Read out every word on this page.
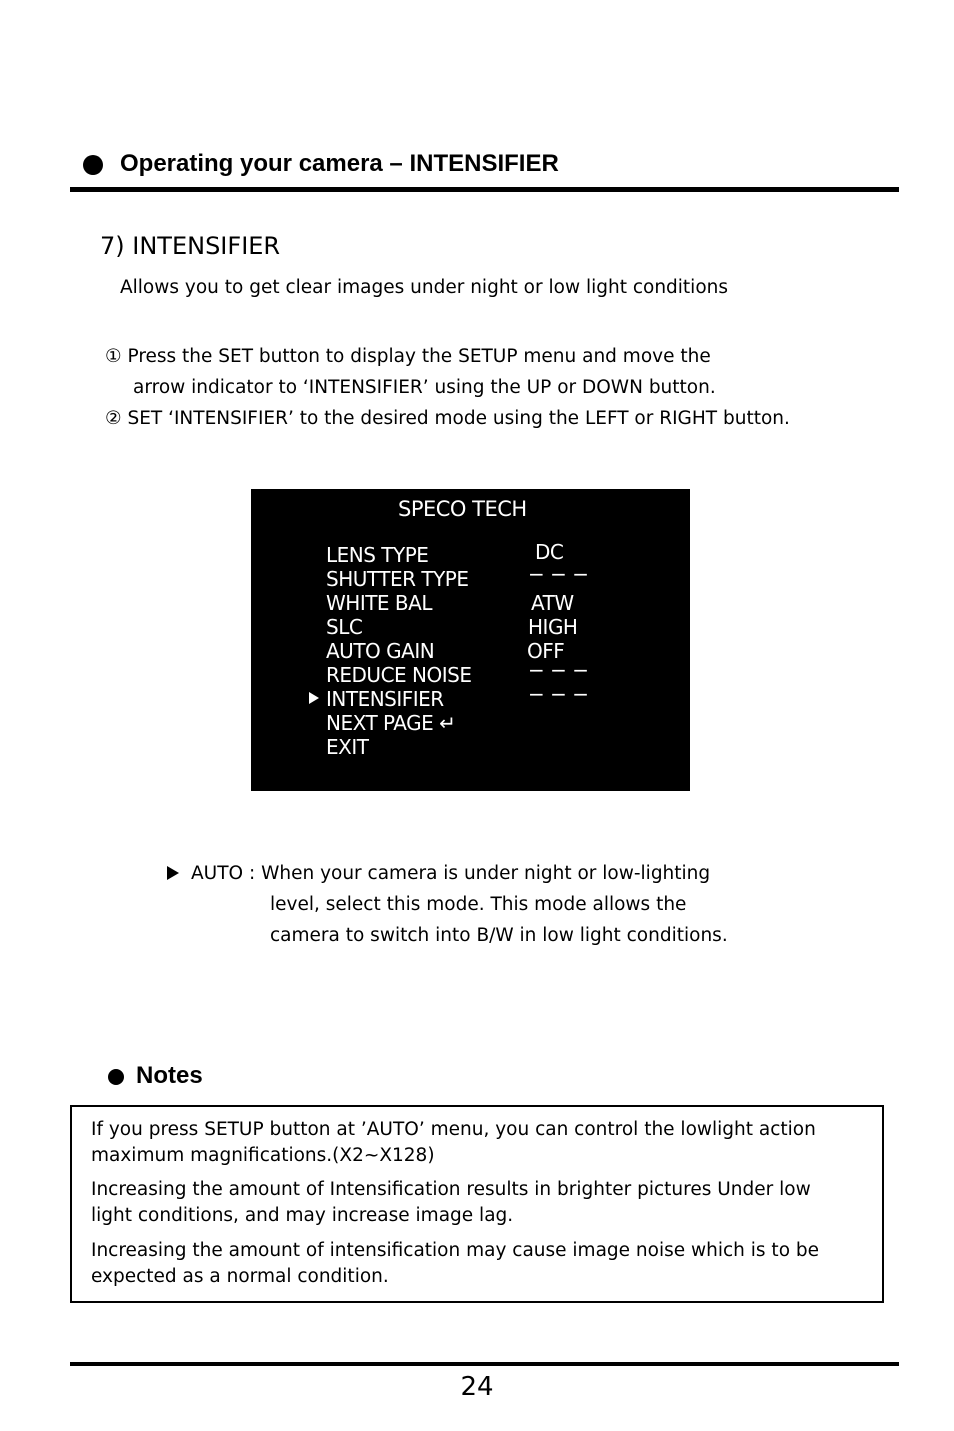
Operating your camera – INTENSIFIER
7) INTENSIFIER
Allows you to get clear images under night or low light conditions
① Press the SET button to display the SETUP menu and move the
arrow indicator to ‘INTENSIFIER’ using the UP or DOWN button.
② SET ‘INTENSIFIER’ to the desired mode using the LEFT or RIGHT button.
SPECO TECH
LENS TYPE	DC
SHUTTER TYPE	− − −
WHITE BAL	ATW
SLC	HIGH
AUTO GAIN	OFF
REDUCE NOISE	− − −
INTENSIFIER	− − −
NEXT PAGE ↵
EXIT
AUTO : When your camera is under night or low-lighting
level, select this mode. This mode allows the
camera to switch into B/W in low light conditions.
Notes
If you press SETUP button at ’AUTO’ menu, you can control the lowlight action maximum magnifications.(X2~X128)
Increasing the amount of Intensification results in brighter pictures Under low light conditions, and may increase image lag.
Increasing the amount of intensification may cause image noise which is to be expected as a normal condition.
24
